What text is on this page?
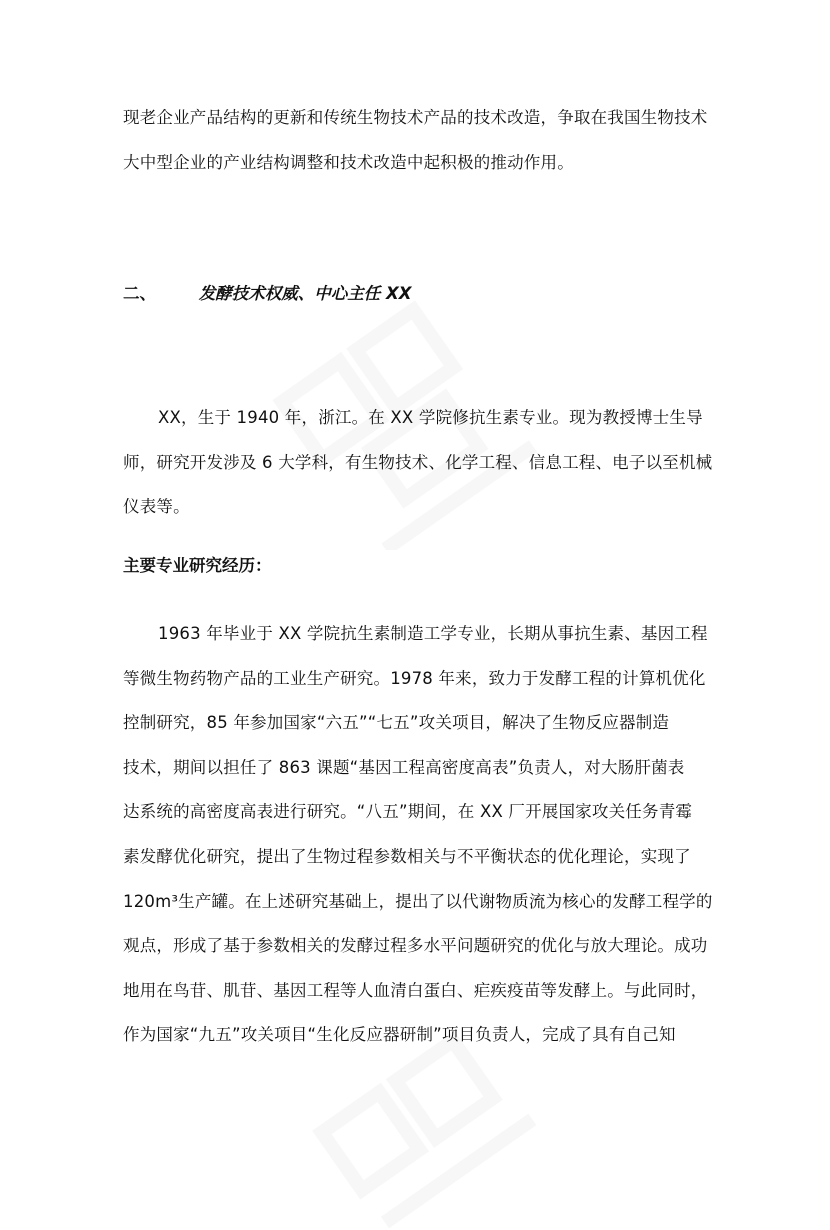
现老企业产品结构的更新和传统生物技术产品的技术改造，争取在我国生物技术
大中型企业的产业结构调整和技术改造中起积极的推动作用。
二、	发酵技术权威、中心主任 XX
XX，生于 1940 年，浙江。在 XX 学院修抗生素专业。现为教授博士生导
师，研究开发涉及 6 大学科，有生物技术、化学工程、信息工程、电子以至机械
仪表等。
主要专业研究经历：
1963 年毕业于 XX 学院抗生素制造工学专业，长期从事抗生素、基因工程
等微生物药物产品的工业生产研究。1978 年来，致力于发酵工程的计算机优化
控制研究，85 年参加国家“六五”“七五”攻关项目，解决了生物反应器制造
技术，期间以担任了 863 课题“基因工程高密度高表”负责人，对大肠肝菌表
达系统的高密度高表进行研究。“八五”期间，在 XX 厂开展国家攻关任务青霉
素发酵优化研究，提出了生物过程参数相关与不平衡状态的优化理论，实现了
120m³生产罐。在上述研究基础上，提出了以代谢物质流为核心的发酵工程学的
观点，形成了基于参数相关的发酵过程多水平问题研究的优化与放大理论。成功
地用在鸟苷、肌苷、基因工程等人血清白蛋白、疟疾疫苗等发酵上。与此同时，
作为国家“九五”攻关项目“生化反应器研制”项目负责人，完成了具有自己知
